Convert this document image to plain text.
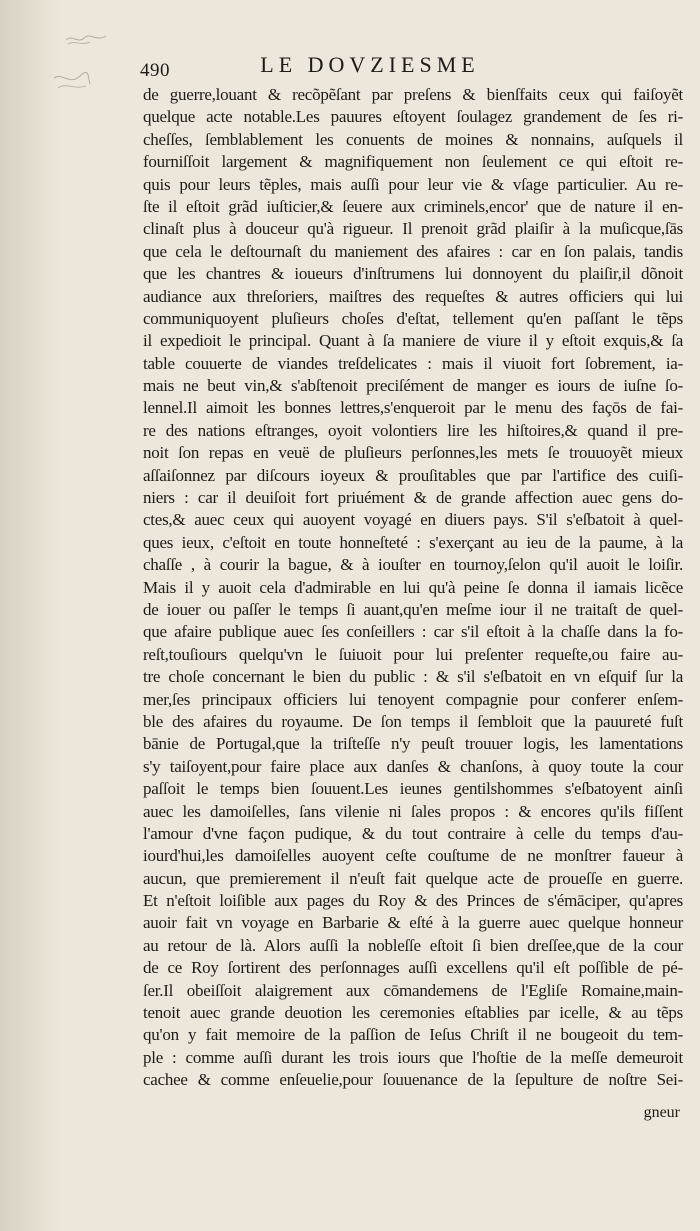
490	LE DOVZIESME
de guerre,louant & recõpẽſant par preſens & bienſfaits ceux qui faiſoyẽt
quelque acte notable.Les pauures eſtoyent ſoulagez grandement de ſes ri-
cheſſes, ſemblablement les conuents de moines & nonnains, auſquels il
fourniſſoit largement & magnifiquement non ſeulement ce qui eſtoit re-
quis pour leurs tẽples, mais auſſi pour leur vie & vſage particulier. Au re-
ſte il eſtoit grãd iuſticier,& ſeuere aux criminels,encor' que de nature il en-
clinaſt plus à douceur qu'à rigueur. Il prenoit grãd plaiſir à la muſicque,ſās
que cela le deſtournaſt du maniement des afaires : car en ſon palais, tandis
que les chantres & ioueurs d'inſtrumens lui donnoyent du plaiſir,il dõnoit
audiance aux threſoriers, maiſtres des requeſtes & autres officiers qui lui
communiquoyent pluſieurs choſes d'eſtat, tellement qu'en paſſant le tẽps
il expedioit le principal. Quant à ſa maniere de viure il y eſtoit exquis,& ſa
table couuerte de viandes treſdelicates : mais il viuoit fort ſobrement, ia-
mais ne beut vin,& s'abſtenoit preciſément de manger es iours de iuſne ſo-
lennel.Il aimoit les bonnes lettres,s'enqueroit par le menu des façōs de fai-
re des nations eſtranges, oyoit volontiers lire les hiſtoires,& quand il pre-
noit ſon repas en veuë de pluſieurs perſonnes,les mets ſe trouuoyẽt mieux
aſſaiſonnez par diſcours ioyeux & prouſitables que par l'artifice des cuiſi-
niers : car il deuiſoit fort priuément & de grande affection auec gens do-
ctes,& auec ceux qui auoyent voyagé en diuers pays. S'il s'eſbatoit à quel-
ques ieux, c'eſtoit en toute honneſteté : s'exerçant au ieu de la paume, à la
chaſſe , à courir la bague, & à iouſter en tournoy,ſelon qu'il auoit le loiſir.
Mais il y auoit cela d'admirable en lui qu'à peine ſe donna il iamais licẽce
de iouer ou paſſer le temps ſi auant,qu'en meſme iour il ne traitaſt de quel-
que afaire publique auec ſes conſeillers : car s'il eſtoit à la chaſſe dans la fo-
reſt,touſiours quelqu'vn le ſuiuoit pour lui preſenter requeſte,ou faire au-
tre choſe concernant le bien du public : & s'il s'eſbatoit en vn eſquif ſur la
mer,ſes principaux officiers lui tenoyent compagnie pour conferer enſem-
ble des afaires du royaume. De ſon temps il ſembloit que la pauureté fuſt
bānie de Portugal,que la triſteſſe n'y peuſt trouuer logis, les lamentations
s'y taiſoyent,pour faire place aux danſes & chanſons, à quoy toute la cour
paſſoit le temps bien ſouuent.Les ieunes gentilshommes s'eſbatoyent ainſi
auec les damoiſelles, ſans vilenie ni ſales propos : & encores qu'ils fiſſent
l'amour d'vne façon pudique, & du tout contraire à celle du temps d'au-
iourd'hui,les damoiſelles auoyent ceſte couſtume de ne monſtrer faueur à
aucun, que premierement il n'euſt fait quelque acte de proueſſe en guerre.
Et n'eſtoit loiſible aux pages du Roy & des Princes de s'émāciper, qu'apres
auoir fait vn voyage en Barbarie & eſté à la guerre auec quelque honneur
au retour de là. Alors auſſi la nobleſſe eſtoit ſi bien dreſſee,que de la cour
de ce Roy ſortirent des perſonnages auſſi excellens qu'il eſt poſſible de pé-
ſer.Il obeiſſoit alaigrement aux cōmandemens de l'Egliſe Romaine,main-
tenoit auec grande deuotion les ceremonies eſtablies par icelle, & au tẽps
qu'on y fait memoire de la paſſion de Ieſus Chriſt il ne bougeoit du tem-
ple : comme auſſi durant les trois iours que l'hoſtie de la meſſe demeuroit
cachee & comme enſeuelie,pour ſouuenance de la ſepulture de noſtre Sei-
gneur
